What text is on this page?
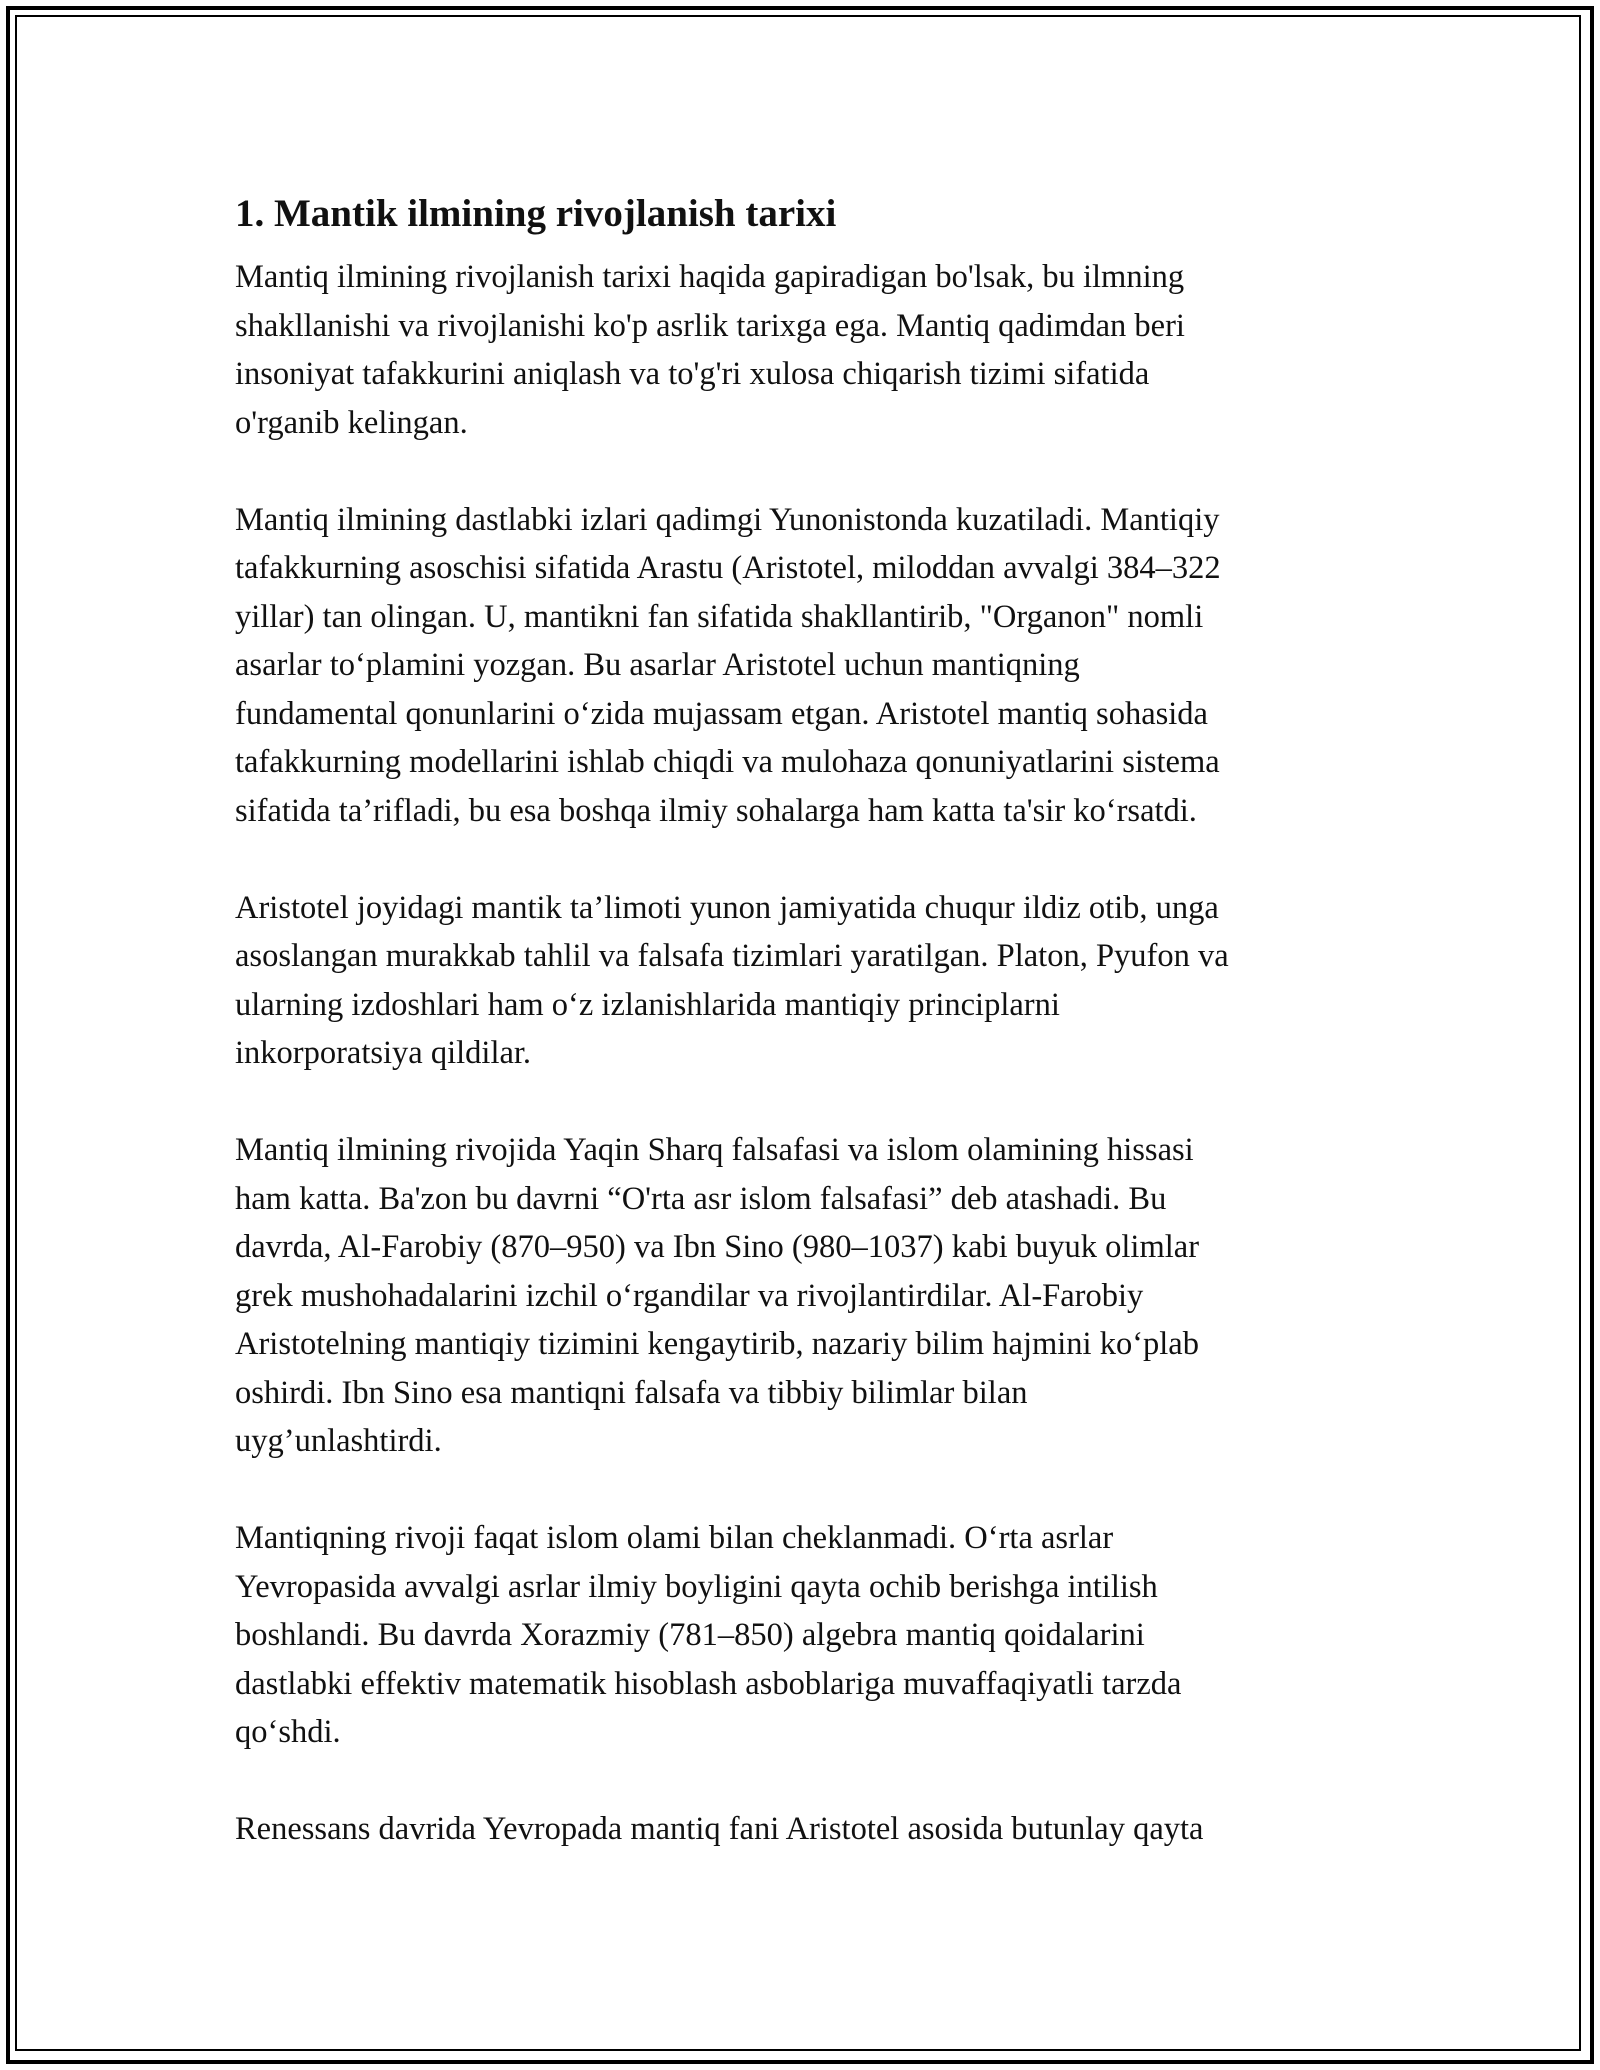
1. Mantik ilmining rivojlanish tarixi

Mantiq ilmining rivojlanish tarixi haqida gapiradigan bo'lsak, bu ilmning
shakllanishi va rivojlanishi ko'p asrlik tarixga ega. Mantiq qadimdan beri
insoniyat tafakkurini aniqlash va to'g'ri xulosa chiqarish tizimi sifatida
o'rganib kelingan.

Mantiq ilmining dastlabki izlari qadimgi Yunonistonda kuzatiladi. Mantiqiy
tafakkurning asoschisi sifatida Arastu (Aristotel, miloddan avvalgi 384–322
yillar) tan olingan. U, mantikni fan sifatida shakllantirib, "Organon" nomli
asarlar to‘plamini yozgan. Bu asarlar Aristotel uchun mantiqning
fundamental qonunlarini o‘zida mujassam etgan. Aristotel mantiq sohasida
tafakkurning modellarini ishlab chiqdi va mulohaza qonuniyatlarini sistema
sifatida ta’rifladi, bu esa boshqa ilmiy sohalarga ham katta ta'sir ko‘rsatdi.

Aristotel joyidagi mantik ta’limoti yunon jamiyatida chuqur ildiz otib, unga
asoslangan murakkab tahlil va falsafa tizimlari yaratilgan. Platon, Pyufon va
ularning izdoshlari ham o‘z izlanishlarida mantiqiy principlarni
inkorporatsiya qildilar.

Mantiq ilmining rivojida Yaqin Sharq falsafasi va islom olamining hissasi
ham katta. Ba'zon bu davrni “O'rta asr islom falsafasi” deb atashadi. Bu
davrda, Al-Farobiy (870–950) va Ibn Sino (980–1037) kabi buyuk olimlar
grek mushohadalarini izchil o‘rgandilar va rivojlantirdilar. Al-Farobiy
Aristotelning mantiqiy tizimini kengaytirib, nazariy bilim hajmini ko‘plab
oshirdi. Ibn Sino esa mantiqni falsafa va tibbiy bilimlar bilan
uyg’unlashtirdi.

Mantiqning rivoji faqat islom olami bilan cheklanmadi. O‘rta asrlar
Yevropasida avvalgi asrlar ilmiy boyligini qayta ochib berishga intilish
boshlandi. Bu davrda Xorazmiy (781–850) algebra mantiq qoidalarini
dastlabki effektiv matematik hisoblash asboblariga muvaffaqiyatli tarzda
qo‘shdi.

Renessans davrida Yevropada mantiq fani Aristotel asosida butunlay qayta
